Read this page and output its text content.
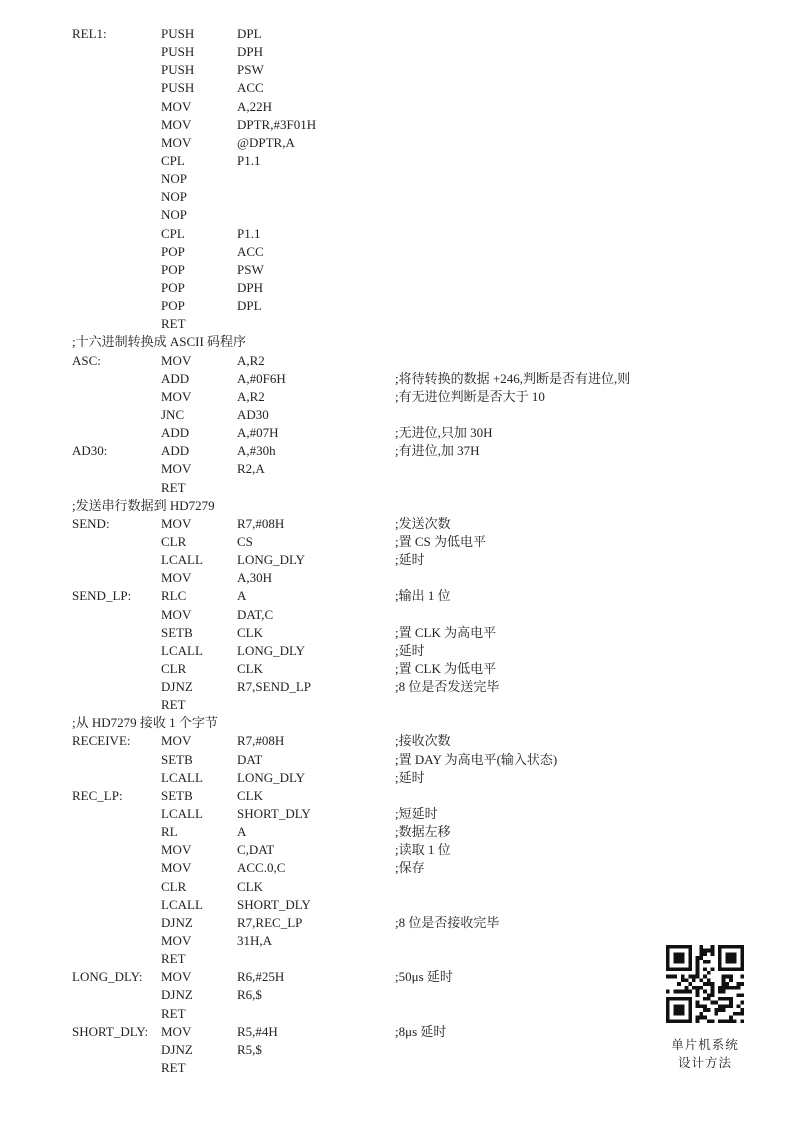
REL1:	PUSH	DPL
PUSH	DPH
PUSH	PSW
PUSH	ACC
MOV	A,22H
MOV	DPTR,#3F01H
MOV	@DPTR,A
CPL	P1.1
NOP
NOP
NOP
CPL	P1.1
POP	ACC
POP	PSW
POP	DPH
POP	DPL
RET
;十六进制转换成 ASCII 码程序
ASC:	MOV	A,R2
ADD	A,#0F6H	;将待转换的数据 +246,判断是否有进位,则
MOV	A,R2	;有无进位判断是否大于 10
JNC	AD30
ADD	A,#07H	;无进位,只加 30H
AD30:	ADD	A,#30h	;有进位,加 37H
MOV	R2,A
RET
;发送串行数据到 HD7279
SEND:	MOV	R7,#08H	;发送次数
CLR	CS	;置 CS 为低电平
LCALL	LONG_DLY	;延时
MOV	A,30H
SEND_LP: RLC	A	;输出 1 位
MOV	DAT,C
SETB	CLK	;置 CLK 为高电平
LCALL	LONG_DLY	;延时
CLR	CLK	;置 CLK 为低电平
DJNZ	R7,SEND_LP	;8 位是否发送完毕
RET
;从 HD7279 接收 1 个字节
RECEIVE: MOV	R7,#08H	;接收次数
SETB	DAT	;置 DAY 为高电平(输入状态)
LCALL	LONG_DLY	;延时
REC_LP:	SETB	CLK
LCALL	SHORT_DLY	;短延时
RL	A	;数据左移
MOV	C,DAT	;读取 1 位
MOV	ACC.0,C	;保存
CLR	CLK
LCALL	SHORT_DLY
DJNZ	R7,REC_LP	;8 位是否接收完毕
MOV	31H,A
RET
LONG_DLY: MOV	R6,#25H	;50μs 延时
DJNZ	R6,$
RET
SHORT_DLY: MOV	R5,#4H	;8μs 延时
DJNZ	R5,$
RET
单片机系统
设计方法
